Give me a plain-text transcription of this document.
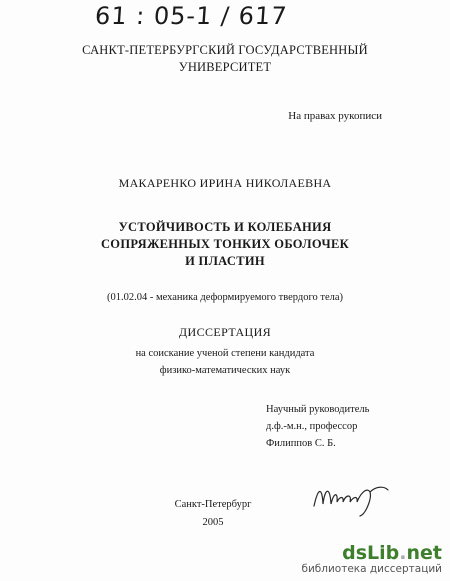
61 : 05-1 / 617
САНКТ-ПЕТЕРБУРГСКИЙ ГОСУДАРСТВЕННЫЙ
УНИВЕРСИТЕТ
На правах рукописи
МАКАРЕНКО ИРИНА НИКОЛАЕВНА
УСТОЙЧИВОСТЬ И КОЛЕБАНИЯ
СОПРЯЖЕННЫХ ТОНКИХ ОБОЛОЧЕК
И ПЛАСТИН
(01.02.04 - механика деформируемого твердого тела)
ДИССЕРТАЦИЯ
на соискание ученой степени кандидата
физико-математических наук
Научный руководитель
д.ф.-м.н., профессор
Филиппов С. Б.
Санкт-Петербург
2005
dsLib.net
библиотека диссертаций
